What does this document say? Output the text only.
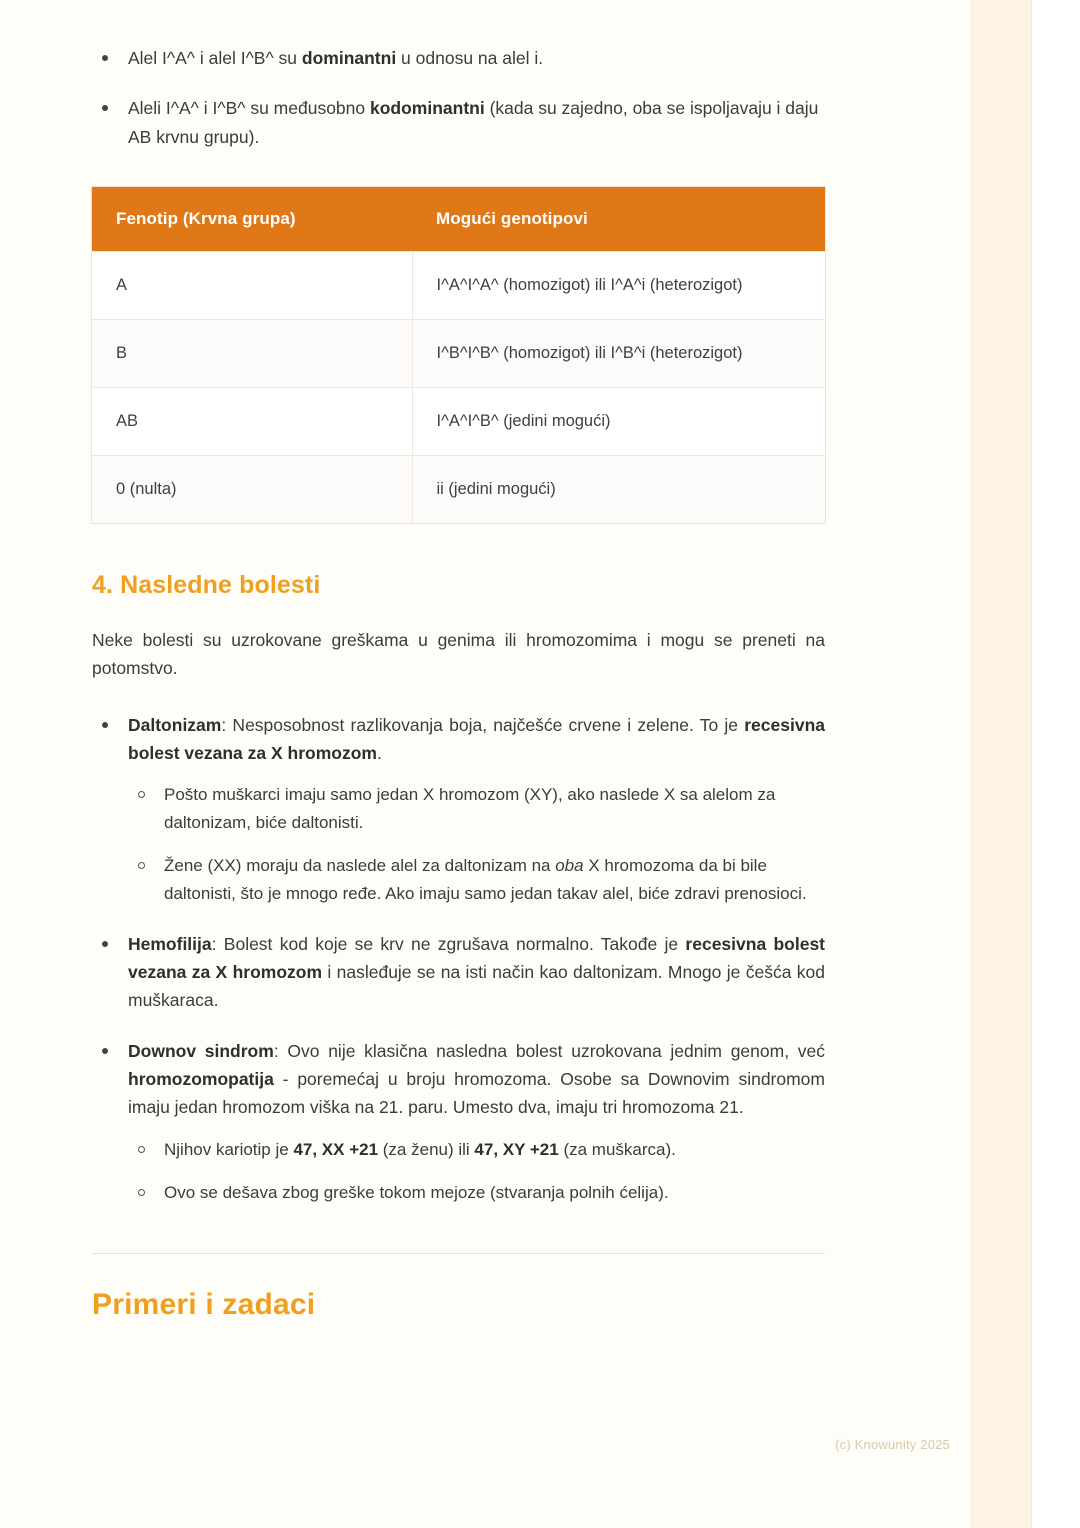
Alel I^A^ i alel I^B^ su dominantni u odnosu na alel i.
Aleli I^A^ i I^B^ su međusobno kodominantni (kada su zajedno, oba se ispoljavaju i daju AB krvnu grupu).
Fenotip (Krvna grupa)	Mogući genotipovi
A	I^A^I^A^ (homozigot) ili I^A^i (heterozigot)
B	I^B^I^B^ (homozigot) ili I^B^i (heterozigot)
AB	I^A^I^B^ (jedini mogući)
0 (nulta)	ii (jedini mogući)
4. Nasledne bolesti

Neke bolesti su uzrokovane greškama u genima ili hromozomima i mogu se preneti na potomstvo.

Daltonizam: Nesposobnost razlikovanja boja, najčešće crvene i zelene. To je recesivna bolest vezana za X hromozom.
Pošto muškarci imaju samo jedan X hromozom (XY), ako naslede X sa alelom za daltonizam, biće daltonisti.
Žene (XX) moraju da naslede alel za daltonizam na oba X hromozoma da bi bile daltonisti, što je mnogo ređe. Ako imaju samo jedan takav alel, biće zdravi prenosioci.
Hemofilija: Bolest kod koje se krv ne zgrušava normalno. Takođe je recesivna bolest vezana za X hromozom i nasleđuje se na isti način kao daltonizam. Mnogo je češća kod muškaraca.
Downov sindrom: Ovo nije klasična nasledna bolest uzrokovana jednim genom, već hromozomopatija - poremećaj u broju hromozoma. Osobe sa Downovim sindromom imaju jedan hromozom viška na 21. paru. Umesto dva, imaju tri hromozoma 21.
Njihov kariotip je 47, XX +21 (za ženu) ili 47, XY +21 (za muškarca).
Ovo se dešava zbog greške tokom mejoze (stvaranja polnih ćelija).
Primeri i zadaci
(c) Knowunity 2025
